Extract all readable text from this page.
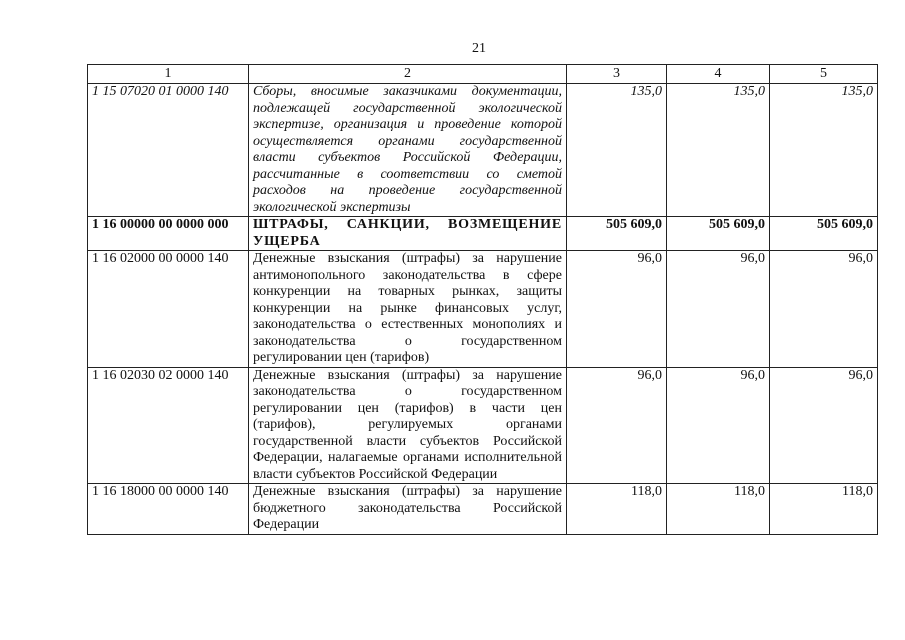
21
1	2	3	4	5
1 15 07020 01 0000 140	Сборы, вносимые заказчиками документации, подлежащей государственной экологической экспертизе, организация и проведение которой осуществляется органами государственной власти субъектов Российской Федерации, рассчитанные в соответствии со сметой расходов на проведение государственной экологической экспертизы	135,0	135,0	135,0
1 16 00000 00 0000 000	ШТРАФЫ, САНКЦИИ, ВОЗМЕЩЕНИЕ УЩЕРБА	505 609,0	505 609,0	505 609,0
1 16 02000 00 0000 140	Денежные взыскания (штрафы) за нарушение антимонопольного законодательства в сфере конкуренции на товарных рынках, защиты конкуренции на рынке финансовых услуг, законодательства о естественных монополиях и законодательства о государственном регулировании цен (тарифов)	96,0	96,0	96,0
1 16 02030 02 0000 140	Денежные взыскания (штрафы) за нарушение законодательства о государственном регулировании цен (тарифов) в части цен (тарифов), регулируемых органами государственной власти субъектов Российской Федерации, налагаемые органами исполнительной власти субъектов Российской Федерации	96,0	96,0	96,0
1 16 18000 00 0000 140	Денежные взыскания (штрафы) за нарушение бюджетного законодательства Российской Федерации	118,0	118,0	118,0
